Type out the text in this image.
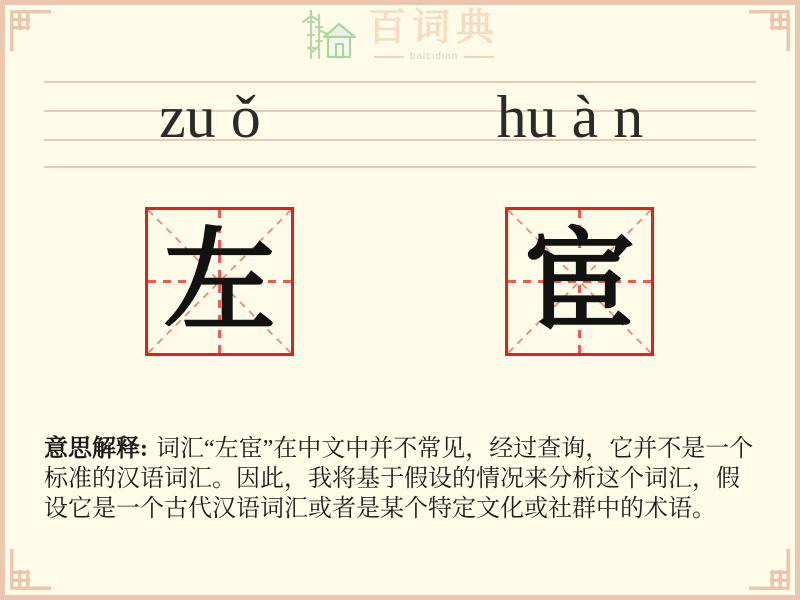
百词典
baicidian
zu ǒ	hu à n
左 宦

意思解释: 词汇“左宦”在中文中并不常见，经过查询，它并不是一个标准的汉语词汇。因此，我将基于假设的情况来分析这个词汇，假设它是一个古代汉语词汇或者是某个特定文化或社群中的术语。
